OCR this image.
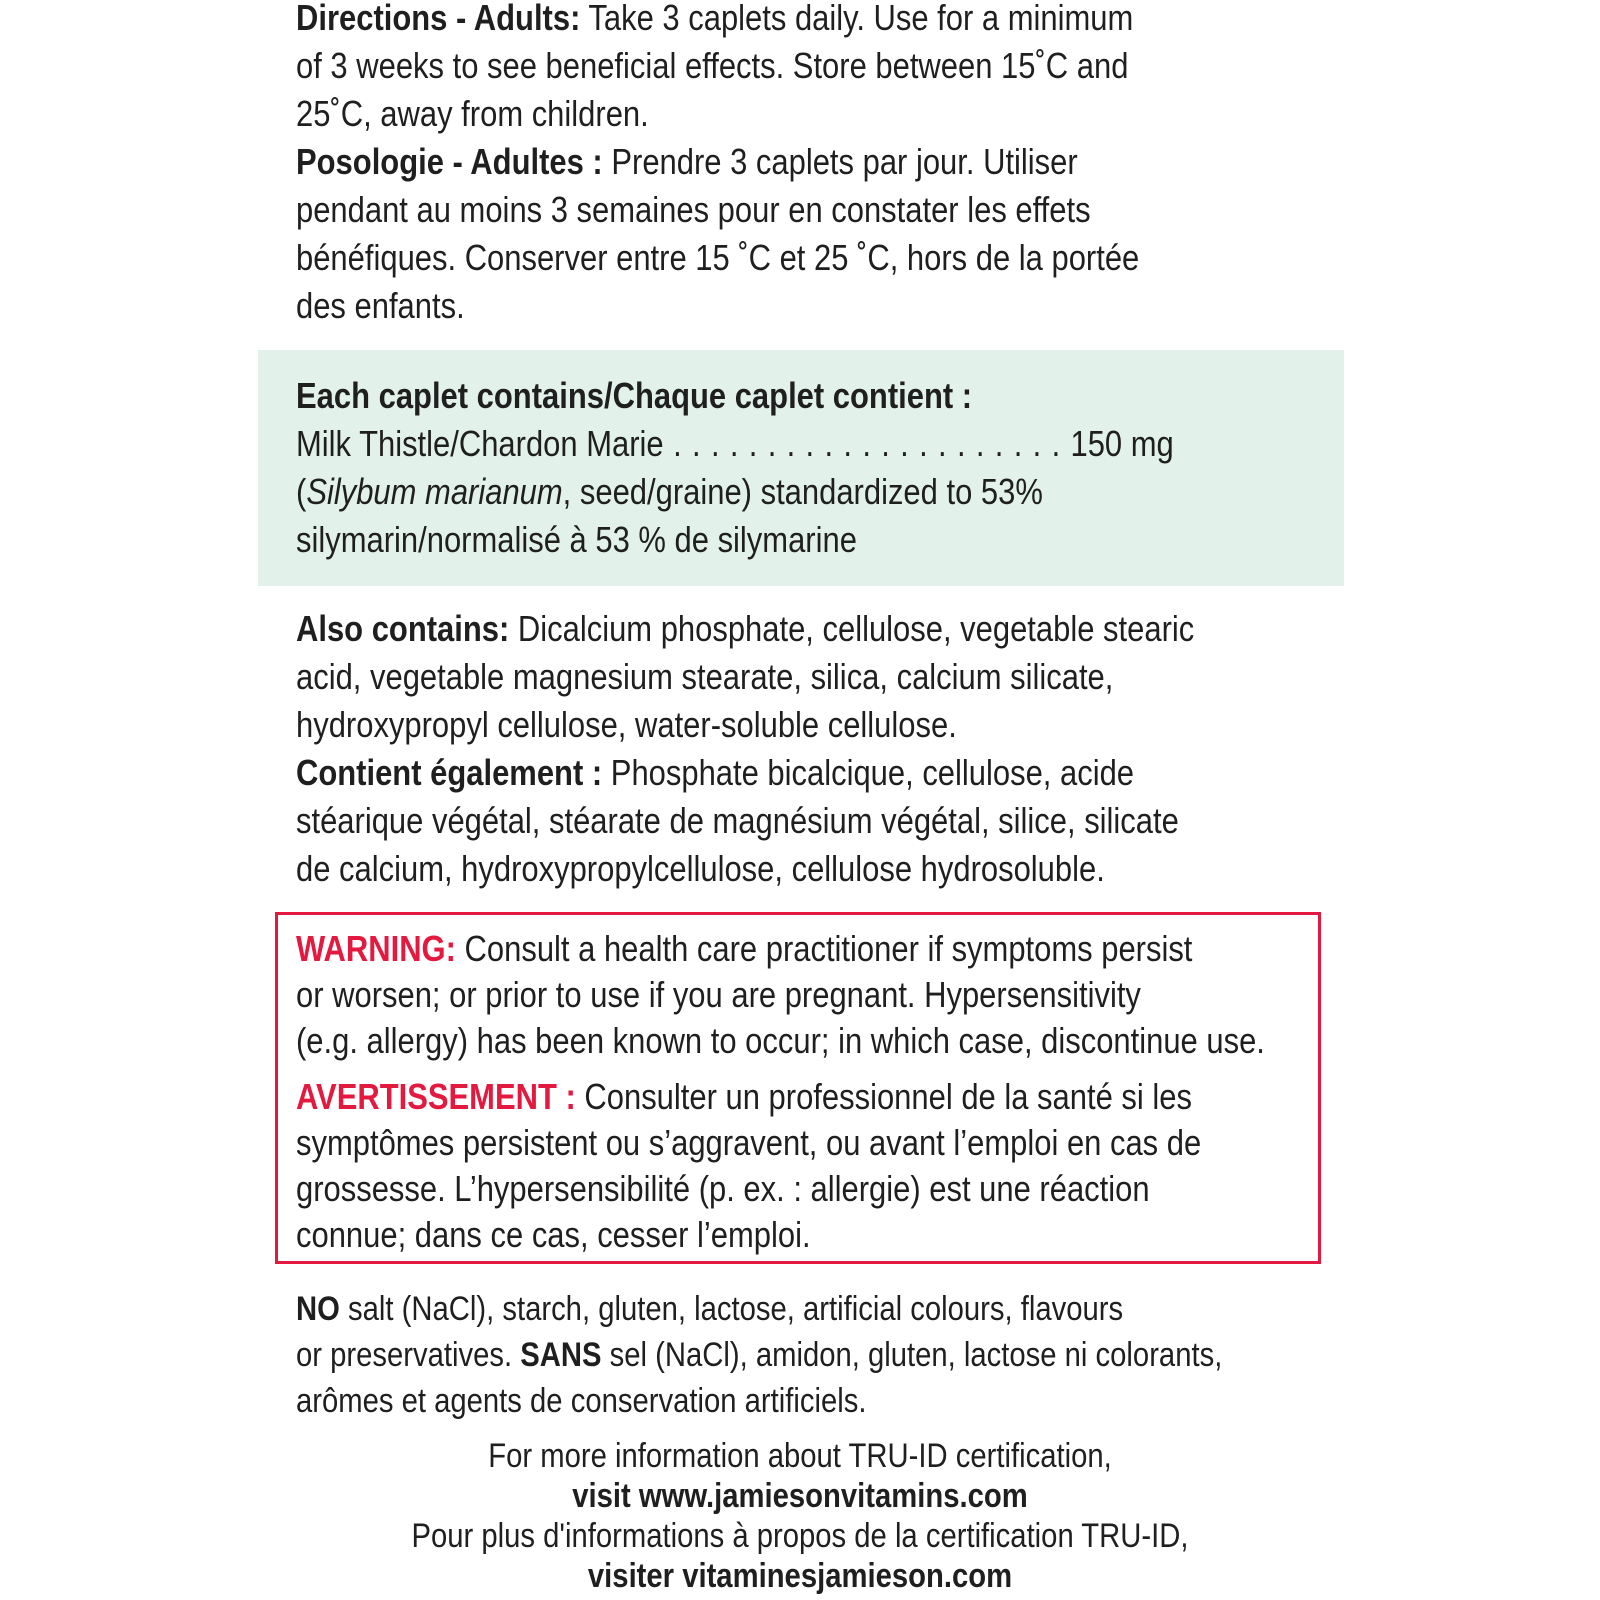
Directions - Adults: Take 3 caplets daily. Use for a minimum
of 3 weeks to see beneficial effects. Store between 15˚C and
25˚C, away from children.
Posologie - Adultes : Prendre 3 caplets par jour. Utiliser
pendant au moins 3 semaines pour en constater les effets
bénéfiques. Conserver entre 15 ˚C et 25 ˚C, hors de la portée
des enfants.
Each caplet contains/Chaque caplet contient :
Milk Thistle/Chardon Marie . . . . . . . . . . . . . . . . . . . . . 150 mg
(Silybum marianum, seed/graine) standardized to 53%
silymarin/normalisé à 53 % de silymarine
Also contains: Dicalcium phosphate, cellulose, vegetable stearic
acid, vegetable magnesium stearate, silica, calcium silicate,
hydroxypropyl cellulose, water-soluble cellulose.
Contient également : Phosphate bicalcique, cellulose, acide
stéarique végétal, stéarate de magnésium végétal, silice, silicate
de calcium, hydroxypropylcellulose, cellulose hydrosoluble.
WARNING: Consult a health care practitioner if symptoms persist
or worsen; or prior to use if you are pregnant. Hypersensitivity
(e.g. allergy) has been known to occur; in which case, discontinue use.
AVERTISSEMENT : Consulter un professionnel de la santé si les
symptômes persistent ou s’aggravent, ou avant l’emploi en cas de
grossesse. L’hypersensibilité (p. ex. : allergie) est une réaction
connue; dans ce cas, cesser l’emploi.
NO salt (NaCl), starch, gluten, lactose, artificial colours, flavours
or preservatives. SANS sel (NaCl), amidon, gluten, lactose ni colorants,
arômes et agents de conservation artificiels.
For more information about TRU-ID certification,
visit www.jamiesonvitamins.com
Pour plus d'informations à propos de la certification TRU-ID,
visiter vitaminesjamieson.com
